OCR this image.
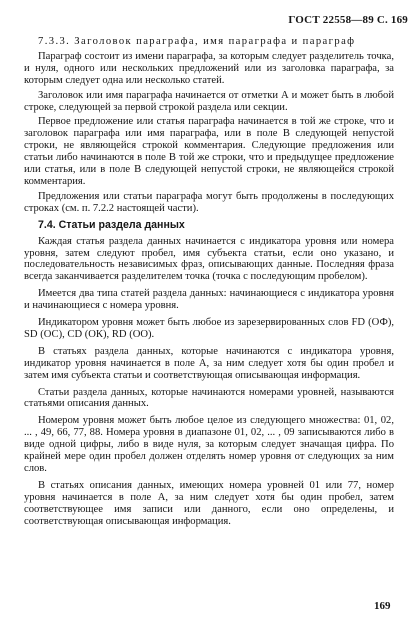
ГОСТ 22558—89 С. 169

7.3.3. Заголовок параграфа, имя параграфа и параграф

Параграф состоит из имени параграфа, за которым следует разделитель точка, и нуля, одного или нескольких предложений или из заголовка параграфа, за которым следует одна или несколько статей.

Заголовок или имя параграфа начинается от отметки А и может быть в любой строке, следующей за первой строкой раздела или секции.

Первое предложение или статья параграфа начинается в той же строке, что и заголовок параграфа или имя параграфа, или в поле В следующей непустой строки, не являющейся строкой комментария. Следующие предложения или статьи либо начинаются в поле В той же строки, что и предыдущее предложение или статья, или в поле В следующей непустой строки, не являющейся строкой комментария.

Предложения или статьи параграфа могут быть продолжены в последующих строках (см. п. 7.2.2 настоящей части).

7.4. Статьи раздела данных

Каждая статья раздела данных начинается с индикатора уровня или номера уровня, затем следуют пробел, имя субъекта статьи, если оно указано, и последовательность независимых фраз, описывающих данные. Последняя фраза всегда заканчивается разделителем точка (точка с последующим пробелом).

Имеется два типа статей раздела данных: начинающиеся с индикатора уровня и начинающиеся с номера уровня.

Индикатором уровня может быть любое из зарезервированных слов FD (ОФ), SD (ОС), CD (ОК), RD (ОО).

В статьях раздела данных, которые начинаются с индикатора уровня, индикатор уровня начинается в поле А, за ним следует хотя бы один пробел и затем имя субъекта статьи и соответствующая описывающая информация.

Статьи раздела данных, которые начинаются номерами уровней, называются статьями описания данных.

Номером уровня может быть любое целое из следующего множества: 01, 02, ... , 49, 66, 77, 88. Номера уровня в диапазоне 01, 02, ... , 09 записываются либо в виде одной цифры, либо в виде нуля, за которым следует значащая цифра. По крайней мере один пробел должен отделять номер уровня от следующих за ним слов.

В статьях описания данных, имеющих номера уровней 01 или 77, номер уровня начинается в поле А, за ним следует хотя бы один пробел, затем соответствующее имя записи или данного, если оно определены, и соответствующая описывающая информация.

169
